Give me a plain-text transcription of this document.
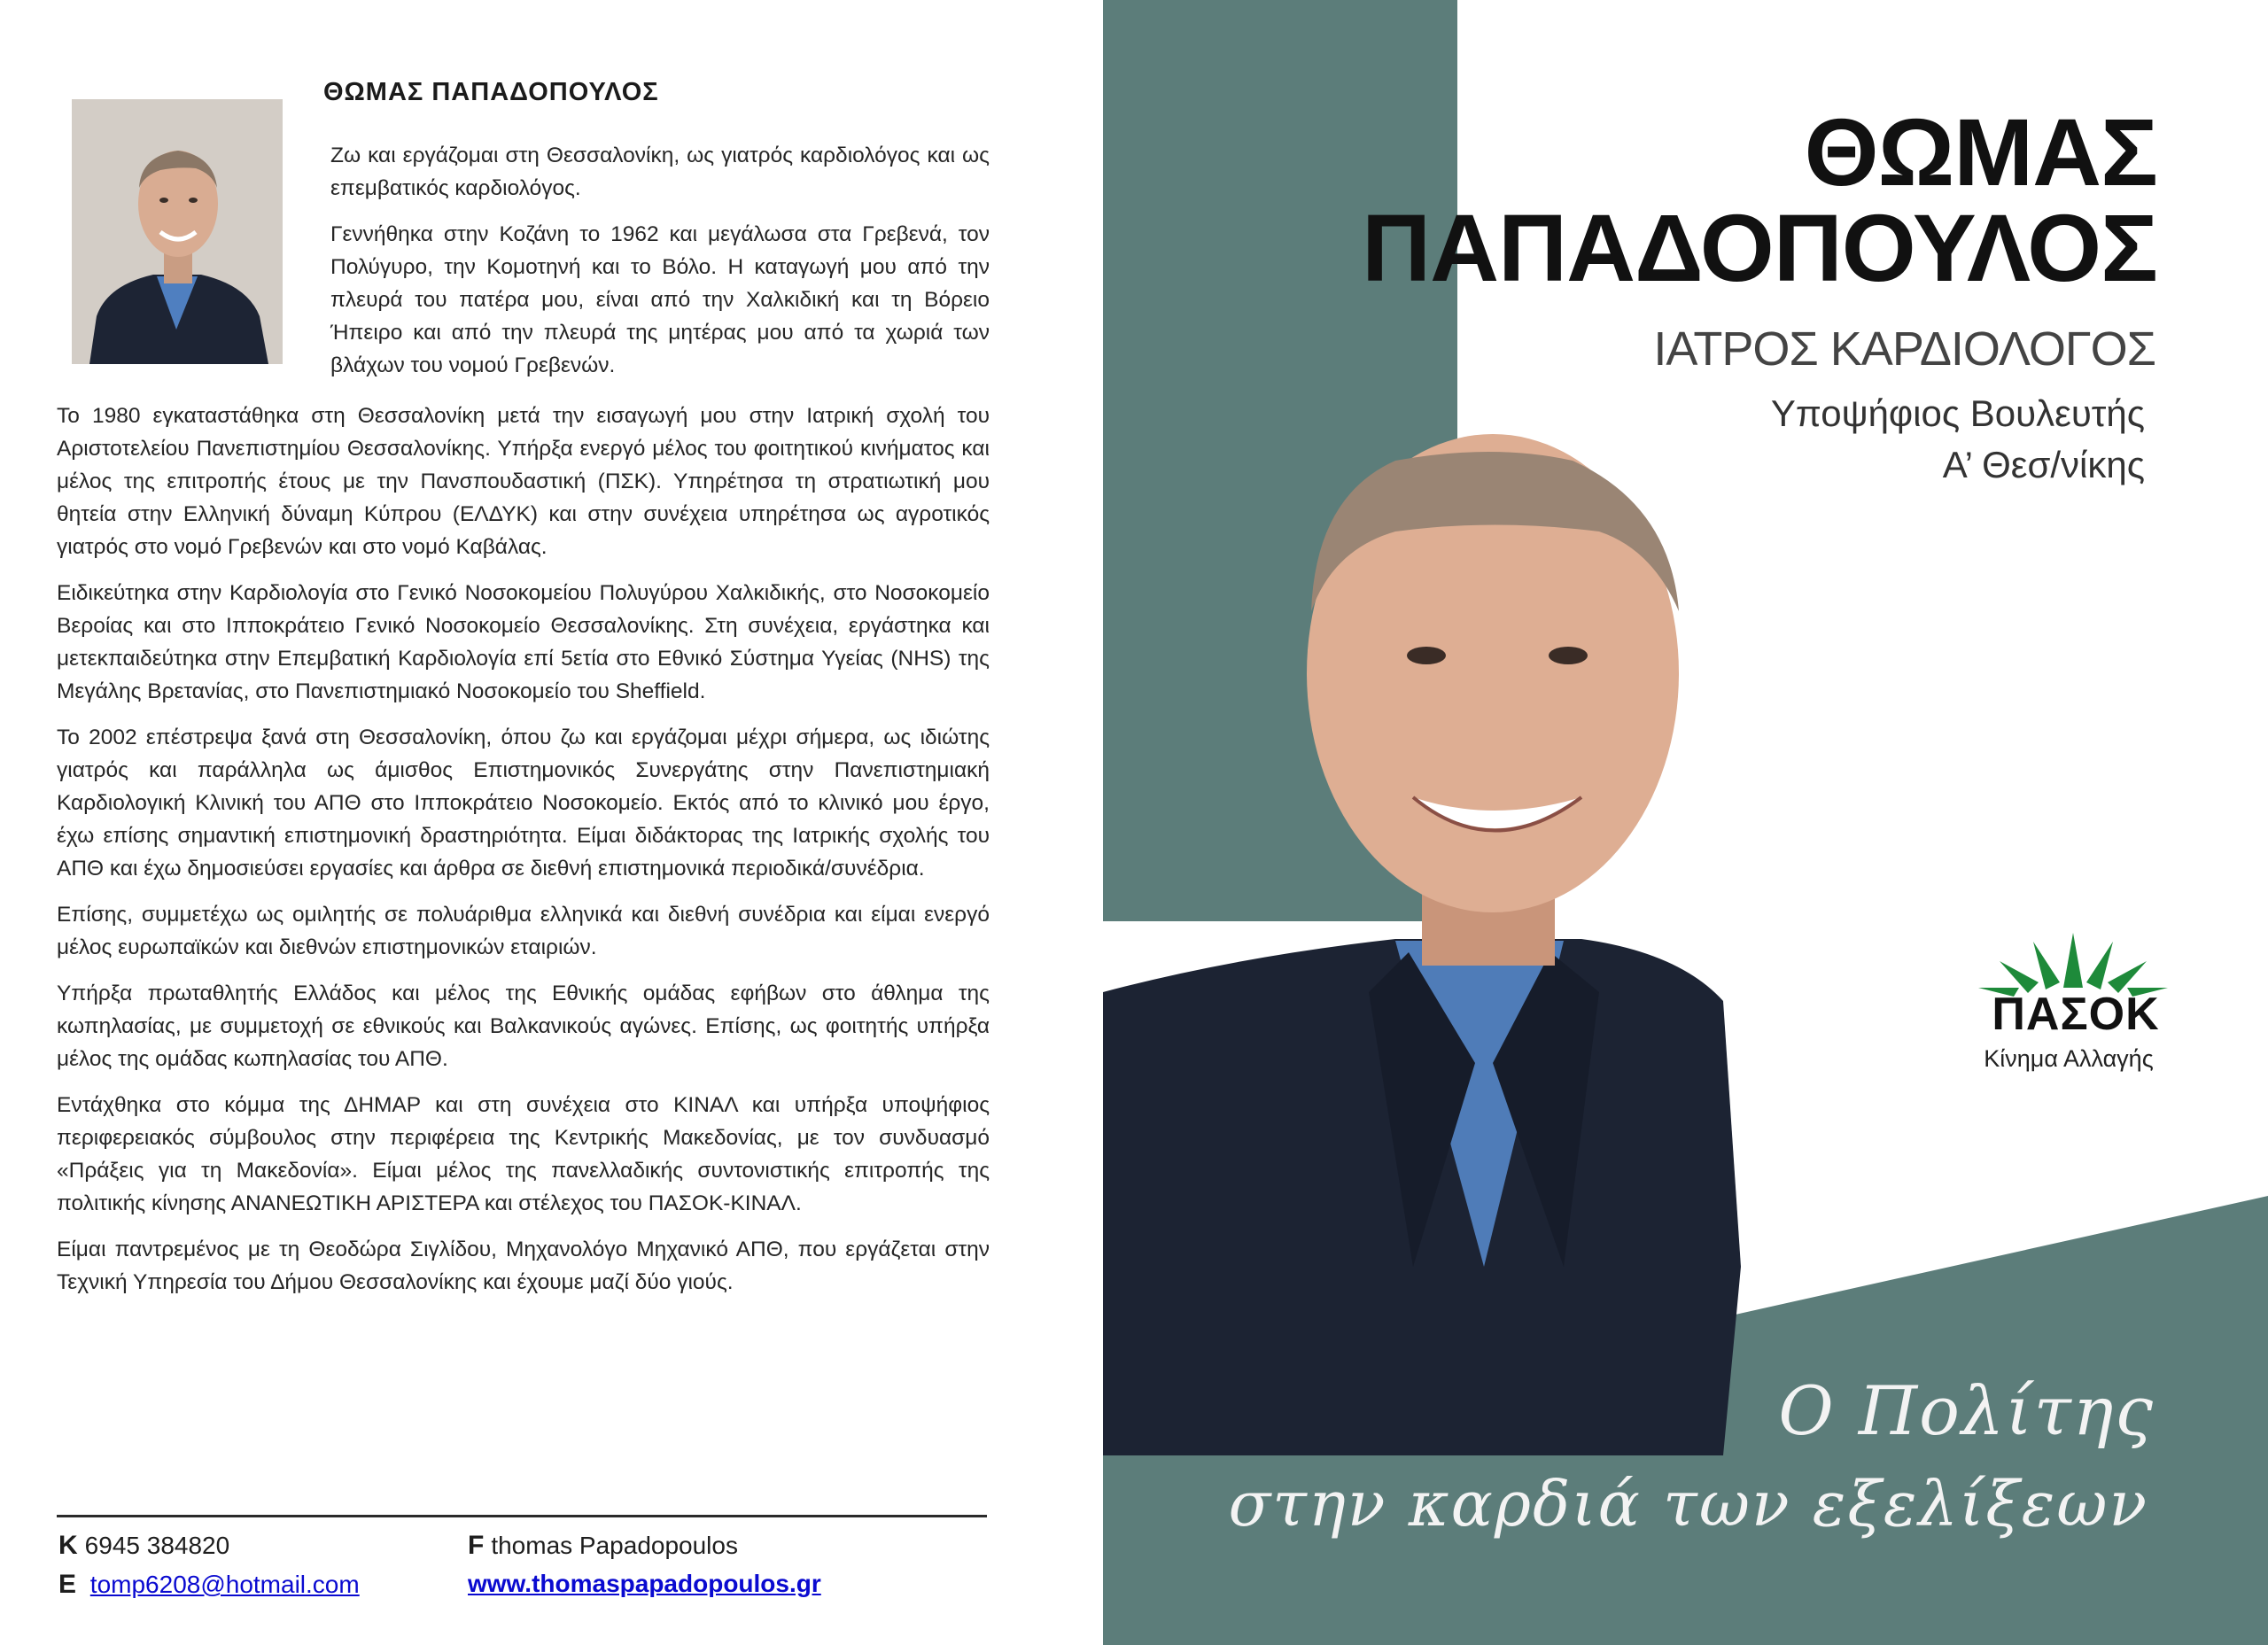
ΘΩΜΑΣ ΠΑΠΑΔΟΠΟΥΛΟΣ

Ζω και εργάζομαι στη Θεσσαλονίκη, ως γιατρός καρδιολόγος και ως επεμβατικός καρδιολόγος.

Γεννήθηκα στην Κοζάνη το 1962 και μεγάλωσα στα Γρεβενά, τον Πολύγυρο, την Κομοτηνή και το Βόλο. Η καταγωγή μου από την πλευρά του πατέρα μου, είναι από την Χαλκιδική και τη Βόρειο Ήπειρο και από την πλευρά της μητέρας μου από τα χωριά των βλάχων του νομού Γρεβενών.

Το 1980 εγκαταστάθηκα στη Θεσσαλονίκη μετά την εισαγωγή μου στην Ιατρική σχολή του Αριστοτελείου Πανεπιστημίου Θεσσαλονίκης. Υπήρξα ενεργό μέλος του φοιτητικού κινήματος και μέλος της επιτροπής έτους με την Πανσπουδαστική (ΠΣΚ). Υπηρέτησα τη στρατιωτική μου θητεία στην Ελληνική δύναμη Κύπρου (ΕΛΔΥΚ) και στην συνέχεια υπηρέτησα ως αγροτικός γιατρός στο νομό Γρεβενών και στο νομό Καβάλας.

Ειδικεύτηκα στην Καρδιολογία στο Γενικό Νοσοκομείου Πολυγύρου Χαλκιδικής, στο Νοσοκομείο Βεροίας και στο Ιπποκράτειο Γενικό Νοσοκομείο Θεσσαλονίκης. Στη συνέχεια, εργάστηκα και μετεκπαιδεύτηκα στην Επεμβατική Καρδιολογία επί 5ετία στο Εθνικό Σύστημα Υγείας (NHS) της Μεγάλης Βρετανίας, στο Πανεπιστημιακό Νοσοκομείο του Sheffield.

Το 2002 επέστρεψα ξανά στη Θεσσαλονίκη, όπου ζω και εργάζομαι μέχρι σήμερα, ως ιδιώτης γιατρός και παράλληλα ως άμισθος Επιστημονικός Συνεργάτης στην Πανεπιστημιακή Καρδιολογική Κλινική του ΑΠΘ στο Ιπποκράτειο Νοσοκομείο. Εκτός από το κλινικό μου έργο, έχω επίσης σημαντική επιστημονική δραστηριότητα. Είμαι διδάκτορας της Ιατρικής σχολής του ΑΠΘ και έχω δημοσιεύσει εργασίες και άρθρα σε διεθνή επιστημονικά περιοδικά/συνέδρια.

Επίσης, συμμετέχω ως ομιλητής σε πολυάριθμα ελληνικά και διεθνή συνέδρια και είμαι ενεργό μέλος ευρωπαϊκών και διεθνών επιστημονικών εταιριών.

Υπήρξα πρωταθλητής Ελλάδος και μέλος της Εθνικής ομάδας εφήβων στο άθλημα της κωπηλασίας, με συμμετοχή σε εθνικούς και Βαλκανικούς αγώνες. Επίσης, ως φοιτητής υπήρξα μέλος της ομάδας κωπηλασίας του ΑΠΘ.

Εντάχθηκα στο κόμμα της ΔΗΜΑΡ και στη συνέχεια στο ΚΙΝΑΛ και υπήρξα υποψήφιος περιφερειακός σύμβουλος στην περιφέρεια της Κεντρικής Μακεδονίας, με τον συνδυασμό «Πράξεις για τη Μακεδονία». Είμαι μέλος της πανελλαδικής συντονιστικής επιτροπής της πολιτικής κίνησης ΑΝΑΝΕΩΤΙΚΗ ΑΡΙΣΤΕΡΑ και στέλεχος του ΠΑΣΟΚ-ΚΙΝΑΛ.

Είμαι παντρεμένος με τη Θεοδώρα Σιγλίδου, Μηχανολόγο Μηχανικό ΑΠΘ, που εργάζεται στην Τεχνική Υπηρεσία του Δήμου Θεσσαλονίκης και έχουμε μαζί δύο γιούς.

K 6945 384820
E tomp6208@hotmail.com
F thomas Papadopoulos
www.thomaspapadopoulos.gr
ΘΩΜΑΣ
ΠΑΠΑΔΟΠΟΥΛΟΣ
ΙΑΤΡΟΣ ΚΑΡΔΙΟΛΟΓΟΣ
Υποψήφιος Βουλευτής
Α’ Θεσ/νίκης
ΠΑΣΟΚ
Κίνημα Αλλαγής
Ο Πολίτης
στην καρδιά των εξελίξεων
